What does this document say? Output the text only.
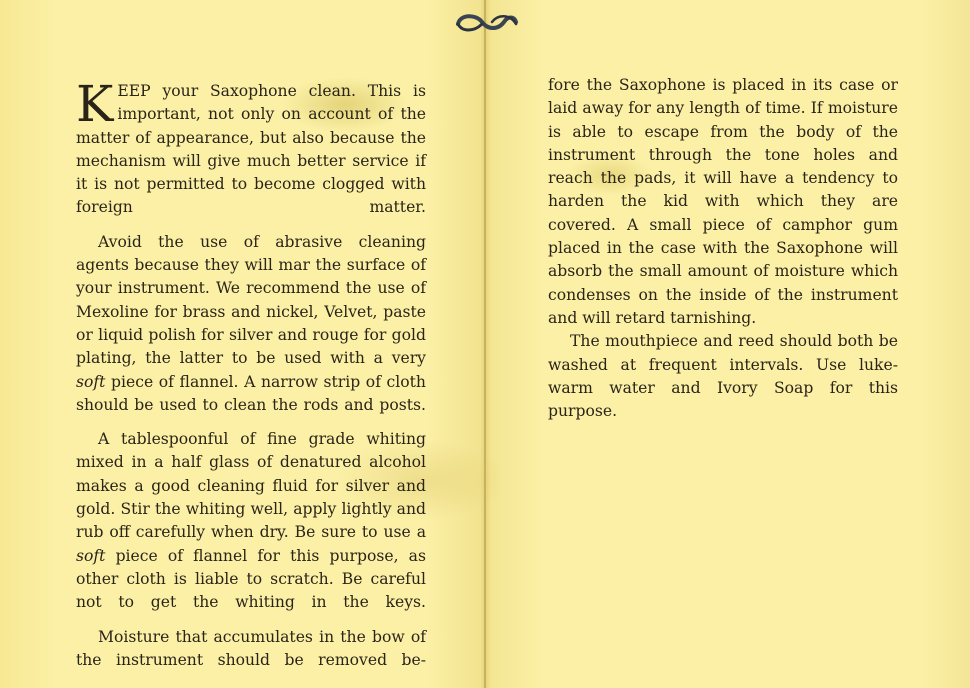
KEEP your Saxophone clean. This is important, not only on account of the matter of appearance, but also because the mechanism will give much better service if it is not permitted to become clogged with foreign matter.

Avoid the use of abrasive cleaning agents because they will mar the surface of your instrument. We recommend the use of Mexoline for brass and nickel, Velvet, paste or liquid polish for silver and rouge for gold plating, the latter to be used with a very soft piece of flannel. A narrow strip of cloth should be used to clean the rods and posts.

A tablespoonful of fine grade whiting mixed in a half glass of denatured alcohol makes a good cleaning fluid for silver and gold. Stir the whiting well, apply lightly and rub off carefully when dry. Be sure to use a soft piece of flannel for this purpose, as other cloth is liable to scratch. Be careful not to get the whiting in the keys.

Moisture that accumulates in the bow of the instrument should be removed be-

fore the Saxophone is placed in its case or laid away for any length of time. If moisture is able to escape from the body of the instrument through the tone holes and reach the pads, it will have a tendency to harden the kid with which they are covered. A small piece of camphor gum placed in the case with the Saxophone will absorb the small amount of moisture which condenses on the inside of the instrument and will retard tarnishing.

The mouthpiece and reed should both be washed at frequent intervals. Use luke-warm water and Ivory Soap for this purpose.
